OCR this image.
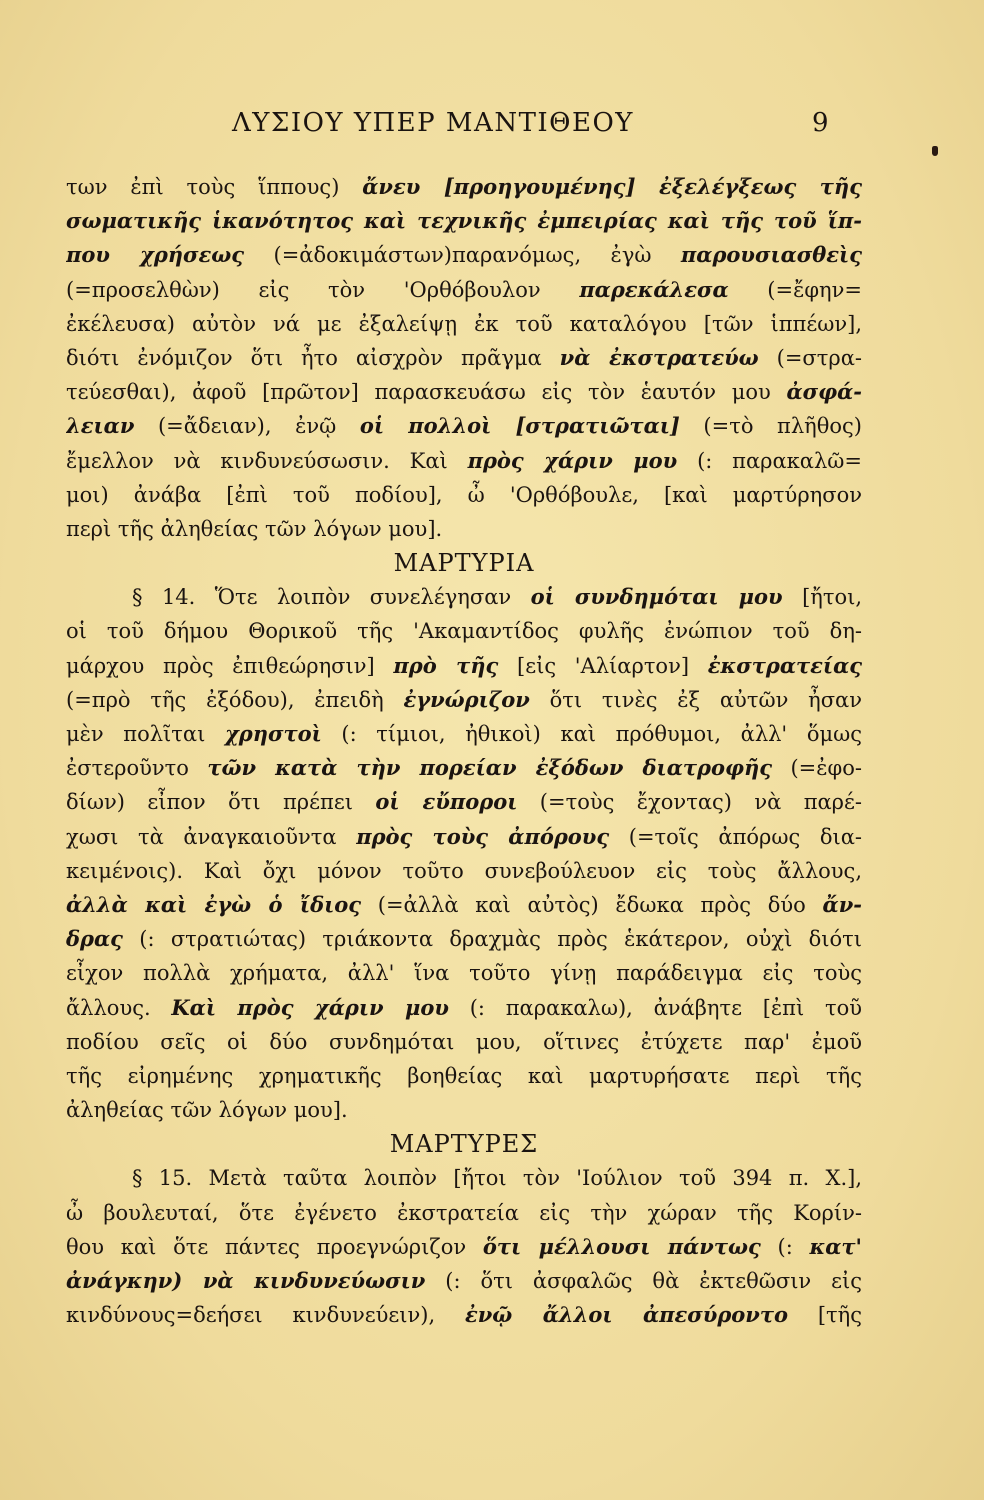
ΛΥΣΙΟΥ ΥΠΕΡ ΜΑΝΤΙΘΕΟΥ	9
των ἐπὶ τοὺς ἵππους) ἄνευ [προηγουμένης] ἐξελέγξεως τῆς
σωματικῆς ἱκανότητος καὶ τεχνικῆς ἐμπειρίας καὶ τῆς τοῦ ἵπ-
που χρήσεως (=ἀδοκιμάστων)παρανόμως, ἐγὼ παρουσιασθεὶς
(=προσελθὼν) εἰς τὸν 'Ορθόβουλον παρεκάλεσα (=ἔφην=
ἐκέλευσα) αὐτὸν νά με ἐξαλείψῃ ἐκ τοῦ καταλόγου [τῶν ἱππέων],
διότι ἐνόμιζον ὅτι ἦτο αἰσχρὸν πρᾶγμα νὰ ἐκστρατεύω (=στρα-
τεύεσθαι), ἀφοῦ [πρῶτον] παρασκευάσω εἰς τὸν ἑαυτόν μου ἀσφά-
λειαν (=ἄδειαν), ἐνῷ οἱ πολλοὶ [στρατιῶται] (=τὸ πλῆθος)
ἔμελλον νὰ κινδυνεύσωσιν. Καὶ πρὸς χάριν μου (: παρακαλῶ=
μοι) ἀνάβα [ἐπὶ τοῦ ποδίου], ὦ 'Ορθόβουλε, [καὶ μαρτύρησον
περὶ τῆς ἀληθείας τῶν λόγων μου].
ΜΑΡΤΥΡΙΑ
§ 14. Ὅτε λοιπὸν συνελέγησαν οἱ συνδημόται μου [ἤτοι,
οἱ τοῦ δήμου Θορικοῦ τῆς 'Ακαμαντίδος φυλῆς ἐνώπιον τοῦ δη-
μάρχου πρὸς ἐπιθεώρησιν] πρὸ τῆς [εἰς 'Αλίαρτον] ἐκστρατείας
(=πρὸ τῆς ἐξόδου), ἐπειδὴ ἐγνώριζον ὅτι τινὲς ἐξ αὐτῶν ἦσαν
μὲν πολῖται χρηστοὶ (: τίμιοι, ἠθικοὶ) καὶ πρόθυμοι, ἀλλ' ὅμως
ἐστεροῦντο τῶν κατὰ τὴν πορείαν ἐξόδων διατροφῆς (=ἐφο-
δίων) εἶπον ὅτι πρέπει οἱ εὔποροι (=τοὺς ἔχοντας) νὰ παρέ-
χωσι τὰ ἀναγκαιοῦντα πρὸς τοὺς ἀπόρους (=τοῖς ἀπόρως δια-
κειμένοις). Καὶ ὄχι μόνον τοῦτο συνεβούλευον εἰς τοὺς ἄλλους,
ἀλλὰ καὶ ἐγὼ ὁ ἴδιος (=ἀλλὰ καὶ αὐτὸς) ἔδωκα πρὸς δύο ἄν-
δρας (: στρατιώτας) τριάκοντα δραχμὰς πρὸς ἑκάτερον, οὐχὶ διότι
εἶχον πολλὰ χρήματα, ἀλλ' ἵνα τοῦτο γίνῃ παράδειγμα εἰς τοὺς
ἄλλους. Καὶ πρὸς χάριν μου (: παρακαλω), ἀνάβητε [ἐπὶ τοῦ
ποδίου σεῖς οἱ δύο συνδημόται μου, οἵτινες ἐτύχετε παρ' ἐμοῦ
τῆς εἰρημένης χρηματικῆς βοηθείας καὶ μαρτυρήσατε περὶ τῆς
ἀληθείας τῶν λόγων μου].
ΜΑΡΤΥΡΕΣ
§ 15. Μετὰ ταῦτα λοιπὸν [ἤτοι τὸν 'Ιούλιον τοῦ 394 π. Χ.],
ὦ βουλευταί, ὅτε ἐγένετο ἐκστρατεία εἰς τὴν χώραν τῆς Κορίν-
θου καὶ ὅτε πάντες προεγνώριζον ὅτι μέλλουσι πάντως (: κατ'
ἀνάγκην) νὰ κινδυνεύωσιν (: ὅτι ἀσφαλῶς θὰ ἐκτεθῶσιν εἰς
κινδύνους=δεήσει κινδυνεύειν), ἐνῷ ἄλλοι ἀπεσύροντο [τῆς
